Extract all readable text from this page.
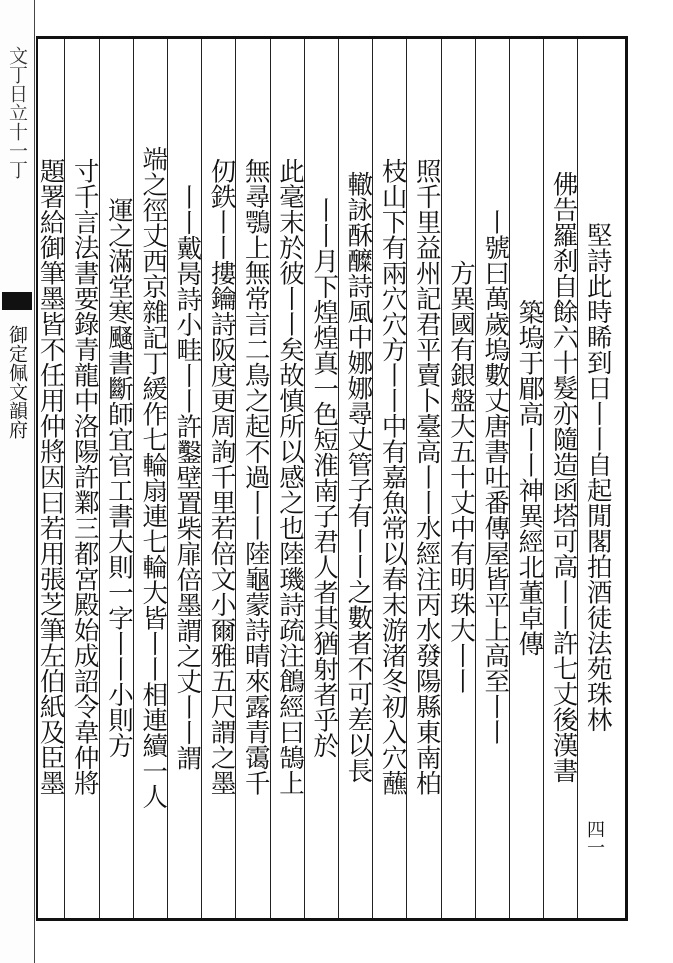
文丁日立十一丁
御定佩文韻府	堅詩此時睎到日丨丨自起閒閣拍酒徒法苑珠林
佛告羅刹自餘六十髮亦隨造函塔可高丨丨許七丈後漢書
築塢于郿高丨丨神異經北董卓傳
丨號曰萬歲塢數丈唐書吐番傳屋皆平上高至丨丨
方異國有銀盤大五十丈中有明珠大丨丨
照千里益州記君平賣卜臺高丨丨水經注丙水發陽縣東南柏
枝山下有兩穴穴方丨丨中有嘉魚常以春末游渚冬初入穴蘸
轍詠酥醾詩風中娜娜尋丈管子有丨丨之數者不可差以長
丨丨月下煌煌真一色短淮南子君人者其猶射者乎於
此毫末於彼丨丨矣故慎所以感之也陸璣詩疏注鶬經曰鵠上
無尋鶚上無常言二鳥之起不過丨丨陸龜蒙詩晴來露青霭千
仞鉄丨丨摟鑰詩阪度更周詢千里若倍文小爾雅五尺謂之墨
丨丨戴昺詩小畦丨丨許鑿壁置柴扉倍墨謂之丈丨丨謂
端之徑丈西京雜記丁緩作七輪扇連七輪大皆丨丨相連續一人
運之滿堂寒颾書斷師宜官工書大則一字丨丨小則方
寸千言法書要錄青龍中洛陽許鄴三都宮殿始成詔令韋仲將
題署給御筆墨皆不任用仲將因曰若用張芝筆左伯紙及臣墨
四一
